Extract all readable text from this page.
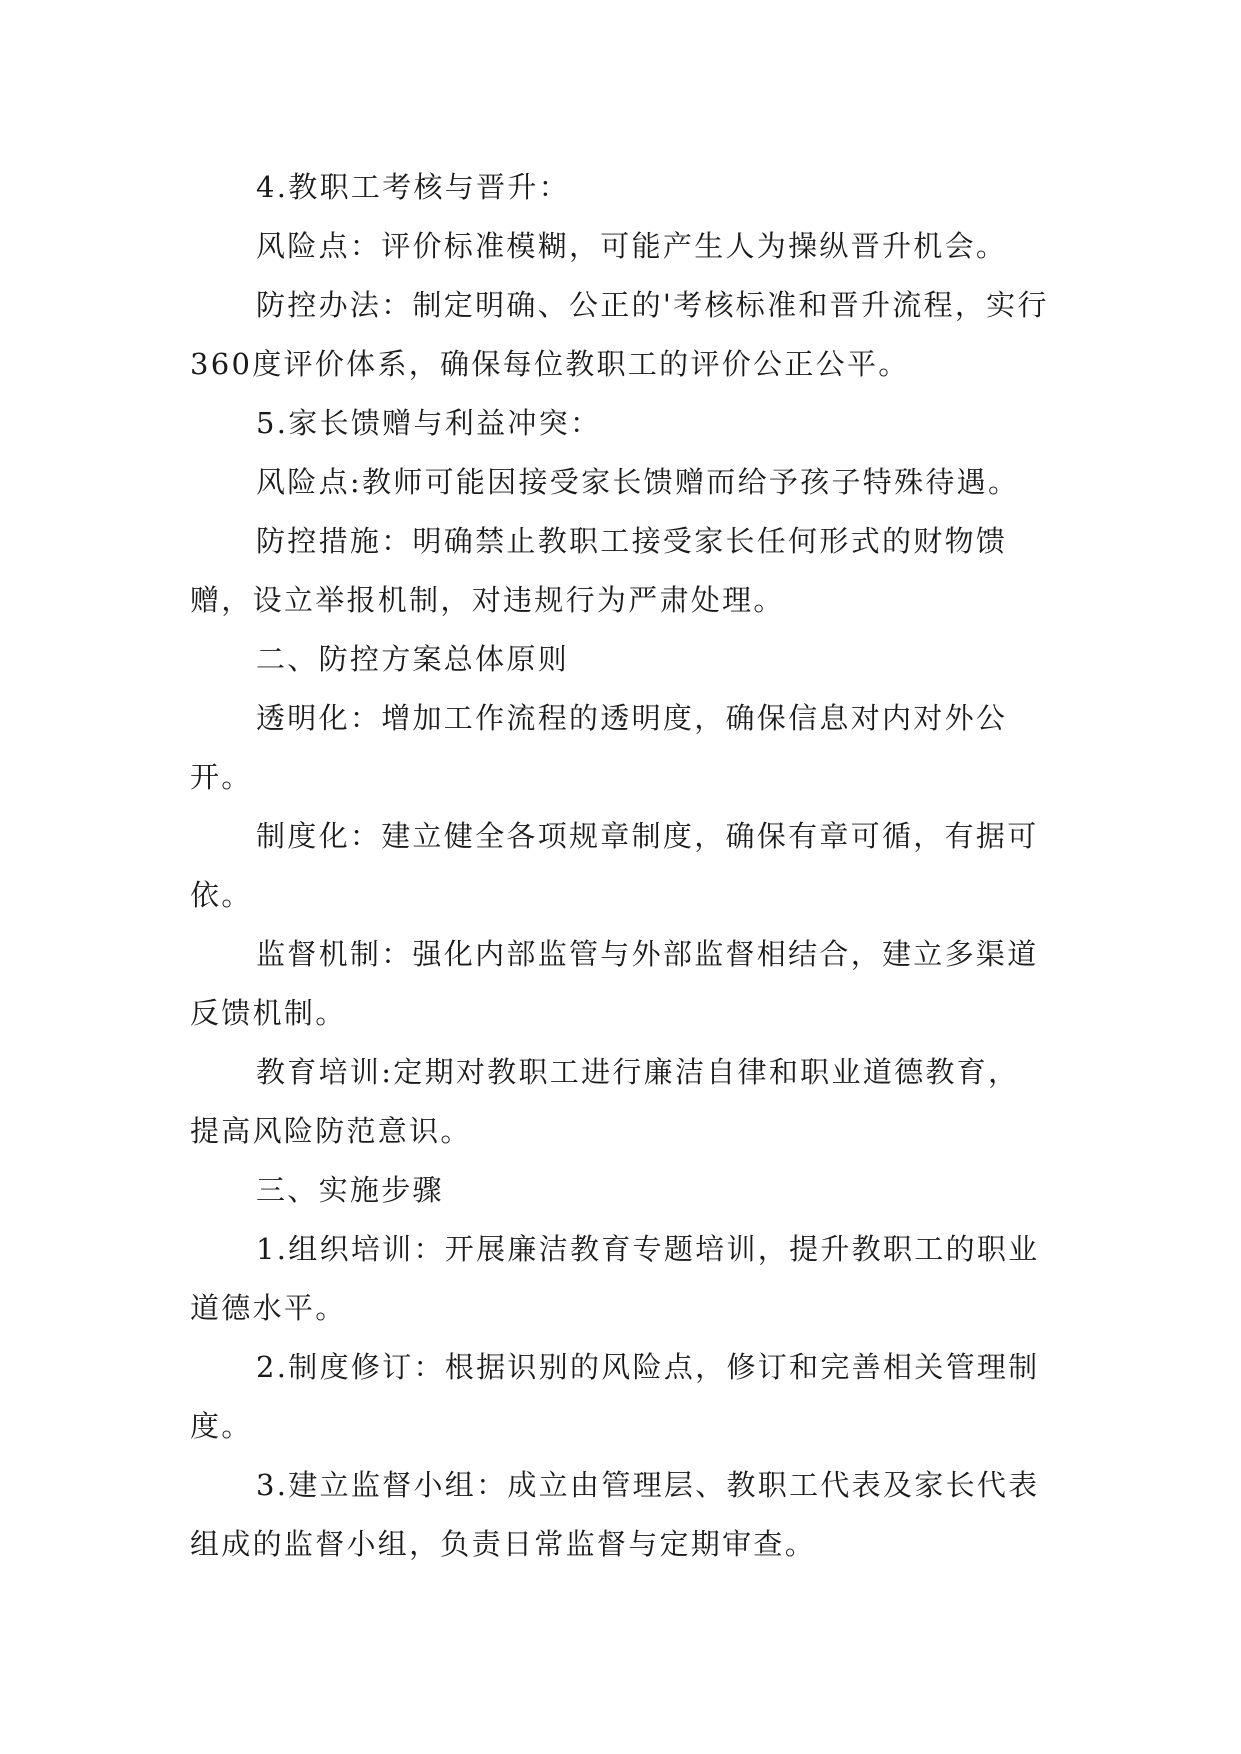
4.教职工考核与晋升：

风险点：评价标准模糊，可能产生人为操纵晋升机会。

防控办法：制定明确、公正的'考核标准和晋升流程，实行360度评价体系，确保每位教职工的评价公正公平。

5.家长馈赠与利益冲突：

风险点:教师可能因接受家长馈赠而给予孩子特殊待遇。

防控措施：明确禁止教职工接受家长任何形式的财物馈赠，设立举报机制，对违规行为严肃处理。

二、防控方案总体原则

透明化：增加工作流程的透明度，确保信息对内对外公开。

制度化：建立健全各项规章制度，确保有章可循，有据可依。

监督机制：强化内部监管与外部监督相结合，建立多渠道反馈机制。

教育培训:定期对教职工进行廉洁自律和职业道德教育，提高风险防范意识。

三、实施步骤

1.组织培训：开展廉洁教育专题培训，提升教职工的职业道德水平。

2.制度修订：根据识别的风险点，修订和完善相关管理制度。

3.建立监督小组：成立由管理层、教职工代表及家长代表组成的监督小组，负责日常监督与定期审查。
